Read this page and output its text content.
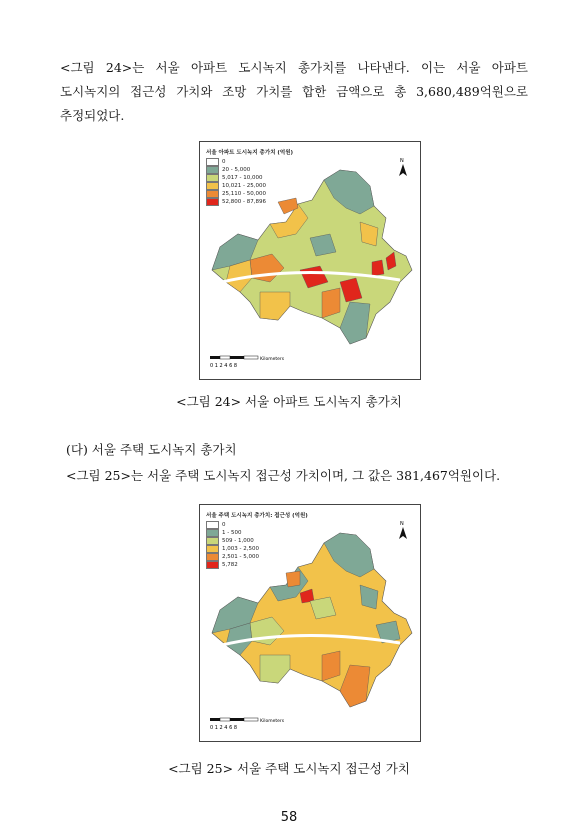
<그림 24>는 서울 아파트 도시녹지 총가치를 나타낸다. 이는 서울 아파트

도시녹지의 접근성 가치와 조망 가치를 합한 금액으로 총 3,680,489억원으로

추정되었다.

서울 아파트 도시녹지 총가치 (억원)
0
20 - 5,000
5,017 - 10,000
10,021 - 25,000
25,110 - 50,000
52,800 - 87,896
N
0 1 2 4 6 8
Kilometers
<그림 24> 서울 아파트 도시녹지 총가치
(다) 서울 주택 도시녹지 총가치

<그림 25>는 서울 주택 도시녹지 접근성 가치이며, 그 값은 381,467억원이다.

서울 주택 도시녹지 총가치: 접근성 (억원)
0
1 - 500
509 - 1,000
1,003 - 2,500
2,501 - 5,000
5,782
N
0 1 2 4 6 8
Kilometers
<그림 25> 서울 주택 도시녹지 접근성 가치
58
